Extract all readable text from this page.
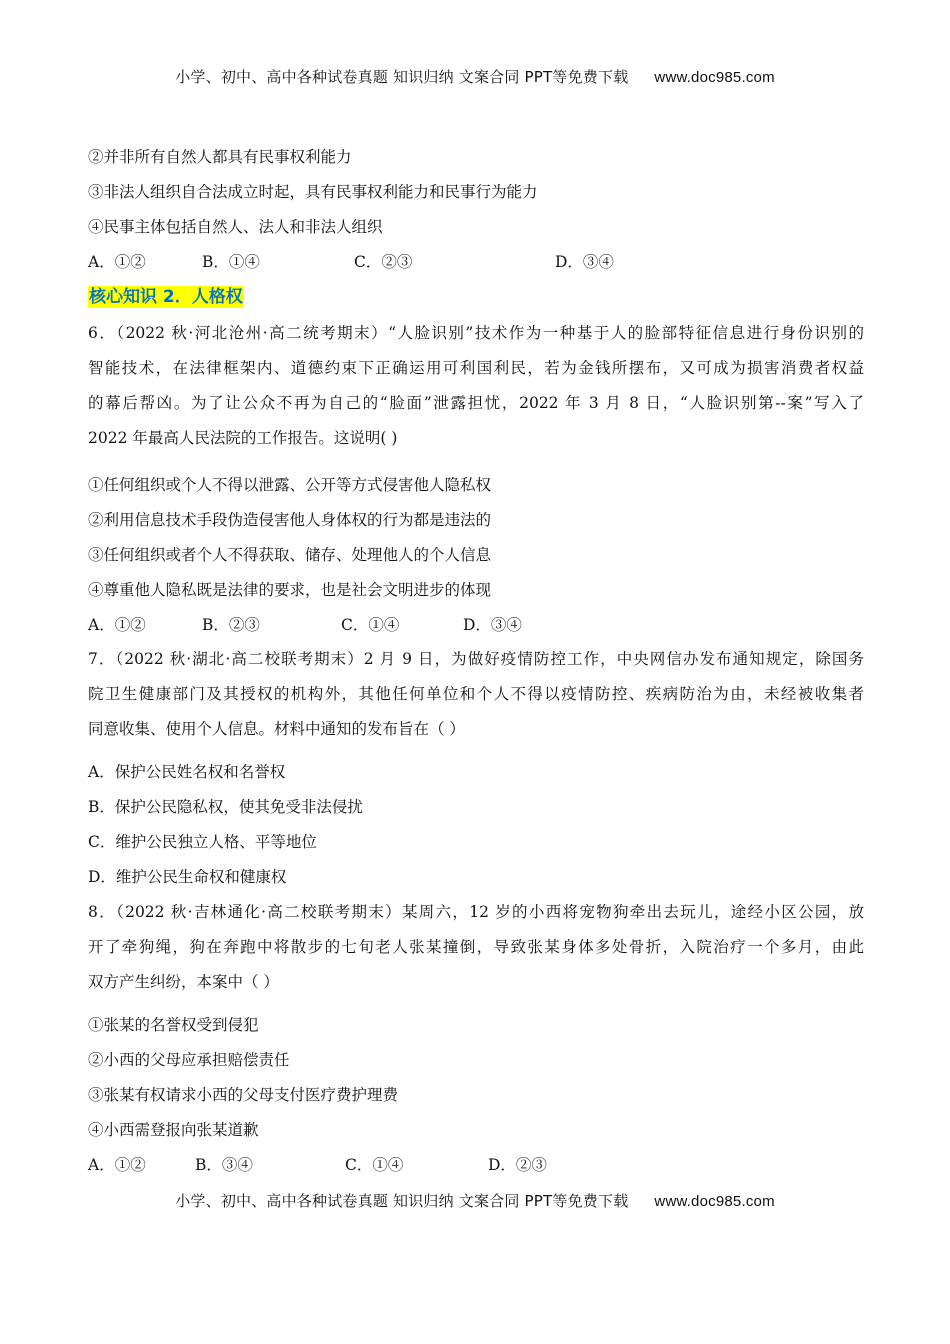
小学、初中、高中各种试卷真题 知识归纳 文案合同 PPT等免费下载 www.doc985.com
②并非所有自然人都具有民事权利能力
③非法人组织自合法成立时起，具有民事权利能力和民事行为能力
④民事主体包括自然人、法人和非法人组织
A．①②	B．①④	C．②③	D．③④
核心知识 2．人格权
6．（2022 秋·河北沧州·高二统考期末）“人脸识别”技术作为一种基于人的脸部特征信息进行身份识别的
智能技术，在法律框架内、道德约束下正确运用可利国利民，若为金钱所摆布，又可成为损害消费者权益
的幕后帮凶。为了让公众不再为自己的“脸面”泄露担忧，2022 年 3 月 8 日，“人脸识别第--案”写入了
2022 年最高人民法院的工作报告。这说明( )
①任何组织或个人不得以泄露、公开等方式侵害他人隐私权
②利用信息技术手段伪造侵害他人身体权的行为都是违法的
③任何组织或者个人不得获取、储存、处理他人的个人信息
④尊重他人隐私既是法律的要求，也是社会文明进步的体现
A．①②	B．②③	C．①④	D．③④
7．（2022 秋·湖北·高二校联考期末）2 月 9 日，为做好疫情防控工作，中央网信办发布通知规定，除国务
院卫生健康部门及其授权的机构外，其他任何单位和个人不得以疫情防控、疾病防治为由，未经被收集者
同意收集、使用个人信息。材料中通知的发布旨在（ ）
A．保护公民姓名权和名誉权
B．保护公民隐私权，使其免受非法侵扰
C．维护公民独立人格、平等地位
D．维护公民生命权和健康权
8．（2022 秋·吉林通化·高二校联考期末）某周六，12 岁的小西将宠物狗牵出去玩儿，途经小区公园，放
开了牵狗绳，狗在奔跑中将散步的七旬老人张某撞倒，导致张某身体多处骨折，入院治疗一个多月，由此
双方产生纠纷，本案中（ ）
①张某的名誉权受到侵犯
②小西的父母应承担赔偿责任
③张某有权请求小西的父母支付医疗费护理费
④小西需登报向张某道歉
A．①②	B．③④	C．①④	D．②③
小学、初中、高中各种试卷真题 知识归纳 文案合同 PPT等免费下载 www.doc985.com
